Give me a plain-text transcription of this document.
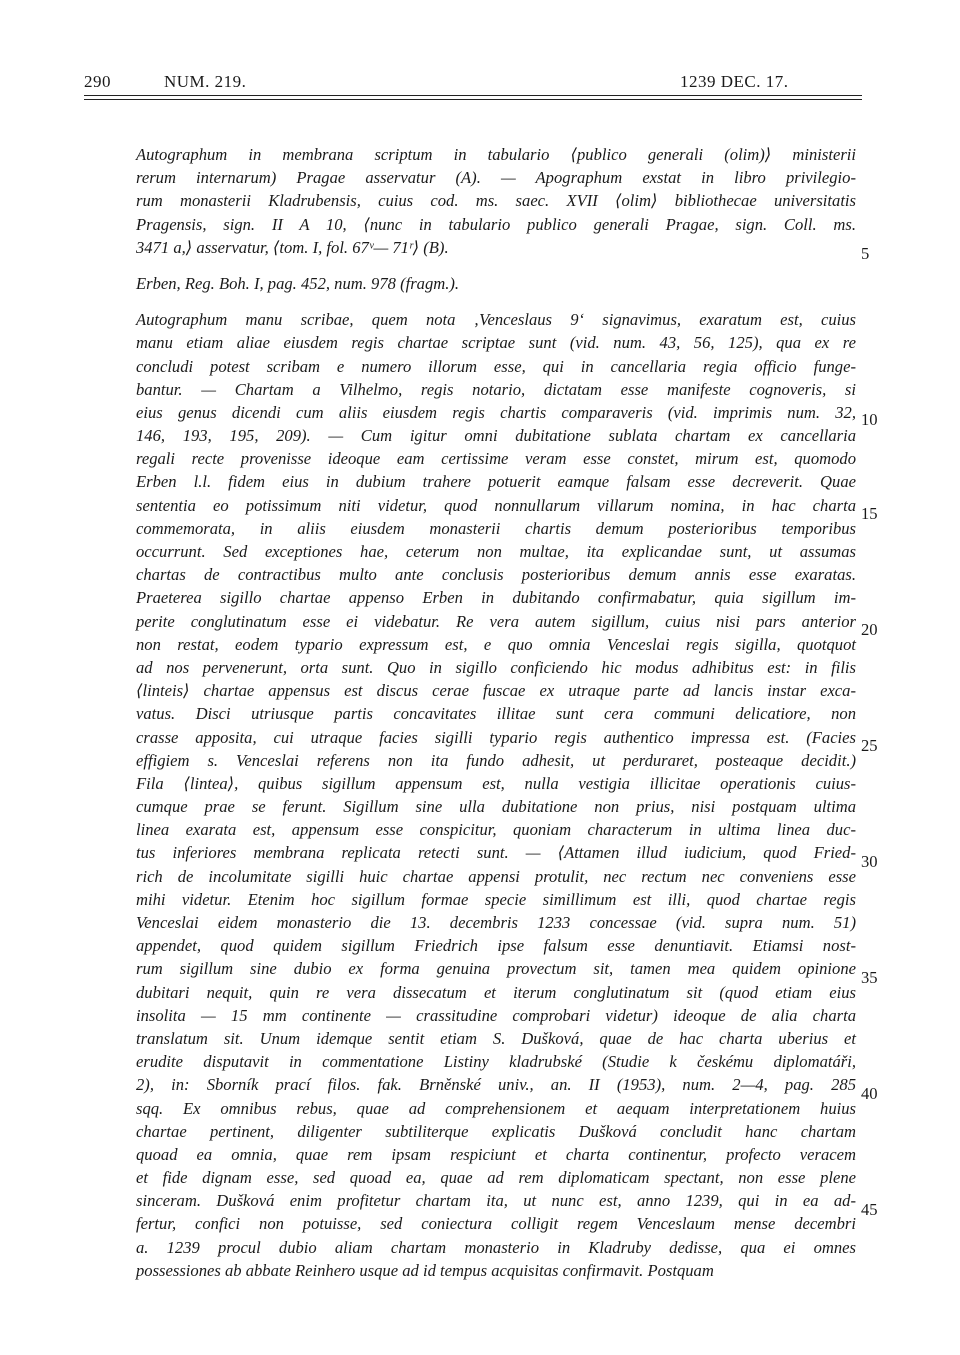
290	NUM. 219.	1239 DEC. 17.
Autographum in membrana scriptum in tabulario ⟨publico generali (olim)⟩ ministerii
rerum internarum) Pragae asservatur (A). — Apographum exstat in libro privilegio-
rum monasterii Kladrubensis, cuius cod. ms. saec. XVII ⟨olim⟩ bibliothecae universitatis
Pragensis, sign. II A 10, ⟨nunc in tabulario publico generali Pragae, sign. Coll. ms.
3471 a,⟩ asservatur, ⟨tom. I, fol. 67ᵛ— 71ʳ⟩ (B).
Erben, Reg. Boh. I, pag. 452, num. 978 (fragm.).
Autographum manu scribae, quem nota ‚Venceslaus 9‘ signavimus, exaratum est, cuius
manu etiam aliae eiusdem regis chartae scriptae sunt (vid. num. 43, 56, 125), qua ex re
concludi potest scribam e numero illorum esse, qui in cancellaria regia officio funge-
bantur. — Chartam a Vilhelmo, regis notario, dictatam esse manifeste cognoveris, si
eius genus dicendi cum aliis eiusdem regis chartis comparaveris (vid. imprimis num. 32,
146, 193, 195, 209). — Cum igitur omni dubitatione sublata chartam ex cancellaria
regali recte provenisse ideoque eam certissime veram esse constet, mirum est, quomodo
Erben l.l. fidem eius in dubium trahere potuerit eamque falsam esse decreverit. Quae
sententia eo potissimum niti videtur, quod nonnullarum villarum nomina, in hac charta
commemorata, in aliis eiusdem monasterii chartis demum posterioribus temporibus
occurrunt. Sed exceptiones hae, ceterum non multae, ita explicandae sunt, ut assumas
chartas de contractibus multo ante conclusis posterioribus demum annis esse exaratas.
Praeterea sigillo chartae appenso Erben in dubitando confirmabatur, quia sigillum im-
perite conglutinatum esse ei videbatur. Re vera autem sigillum, cuius nisi pars anterior
non restat, eodem typario expressum est, e quo omnia Venceslai regis sigilla, quotquot
ad nos pervenerunt, orta sunt. Quo in sigillo conficiendo hic modus adhibitus est: in filis
⟨linteis⟩ chartae appensus est discus cerae fuscae ex utraque parte ad lancis instar exca-
vatus. Disci utriusque partis concavitates illitae sunt cera communi delicatiore, non
crasse apposita, cui utraque facies sigilli typario regis authentico impressa est. (Facies
effigiem s. Venceslai referens non ita fundo adhesit, ut perduraret, posteaque decidit.)
Fila ⟨lintea⟩, quibus sigillum appensum est, nulla vestigia illicitae operationis cuius-
cumque prae se ferunt. Sigillum sine ulla dubitatione non prius, nisi postquam ultima
linea exarata est, appensum esse conspicitur, quoniam characterum in ultima linea duc-
tus inferiores membrana replicata retecti sunt. — ⟨Attamen illud iudicium, quod Fried-
rich de incolumitate sigilli huic chartae appensi protulit, nec rectum nec conveniens esse
mihi videtur. Etenim hoc sigillum formae specie simillimum est illi, quod chartae regis
Venceslai eidem monasterio die 13. decembris 1233 concessae (vid. supra num. 51)
appendet, quod quidem sigillum Friedrich ipse falsum esse denuntiavit. Etiamsi nost-
rum sigillum sine dubio ex forma genuina provectum sit, tamen mea quidem opinione
dubitari nequit, quin re vera dissecatum et iterum conglutinatum sit (quod etiam eius
insolita — 15 mm continente — crassitudine comprobari videtur) ideoque de alia charta
translatum sit. Unum idemque sentit etiam S. Dušková, quae de hac charta uberius et
erudite disputavit in commentatione Listiny kladrubské (Studie k českému diplomatáři,
2), in: Sborník prací filos. fak. Brněnské univ., an. II (1953), num. 2—4, pag. 285
sqq. Ex omnibus rebus, quae ad comprehensionem et aequam interpretationem huius
chartae pertinent, diligenter subtiliterque explicatis Dušková concludit hanc chartam
quoad ea omnia, quae rem ipsam respiciunt et charta continentur, profecto veracem
et fide dignam esse, sed quoad ea, quae ad rem diplomaticam spectant, non esse plene
sinceram. Dušková enim profitetur chartam ita, ut nunc est, anno 1239, qui in ea ad-
fertur, confici non potuisse, sed coniectura colligit regem Venceslaum mense decembri
a. 1239 procul dubio aliam chartam monasterio in Kladruby dedisse, qua ei omnes
possessiones ab abbate Reinhero usque ad id tempus acquisitas confirmavit. Postquam
5
10
15
20
25
30
35
40
45
